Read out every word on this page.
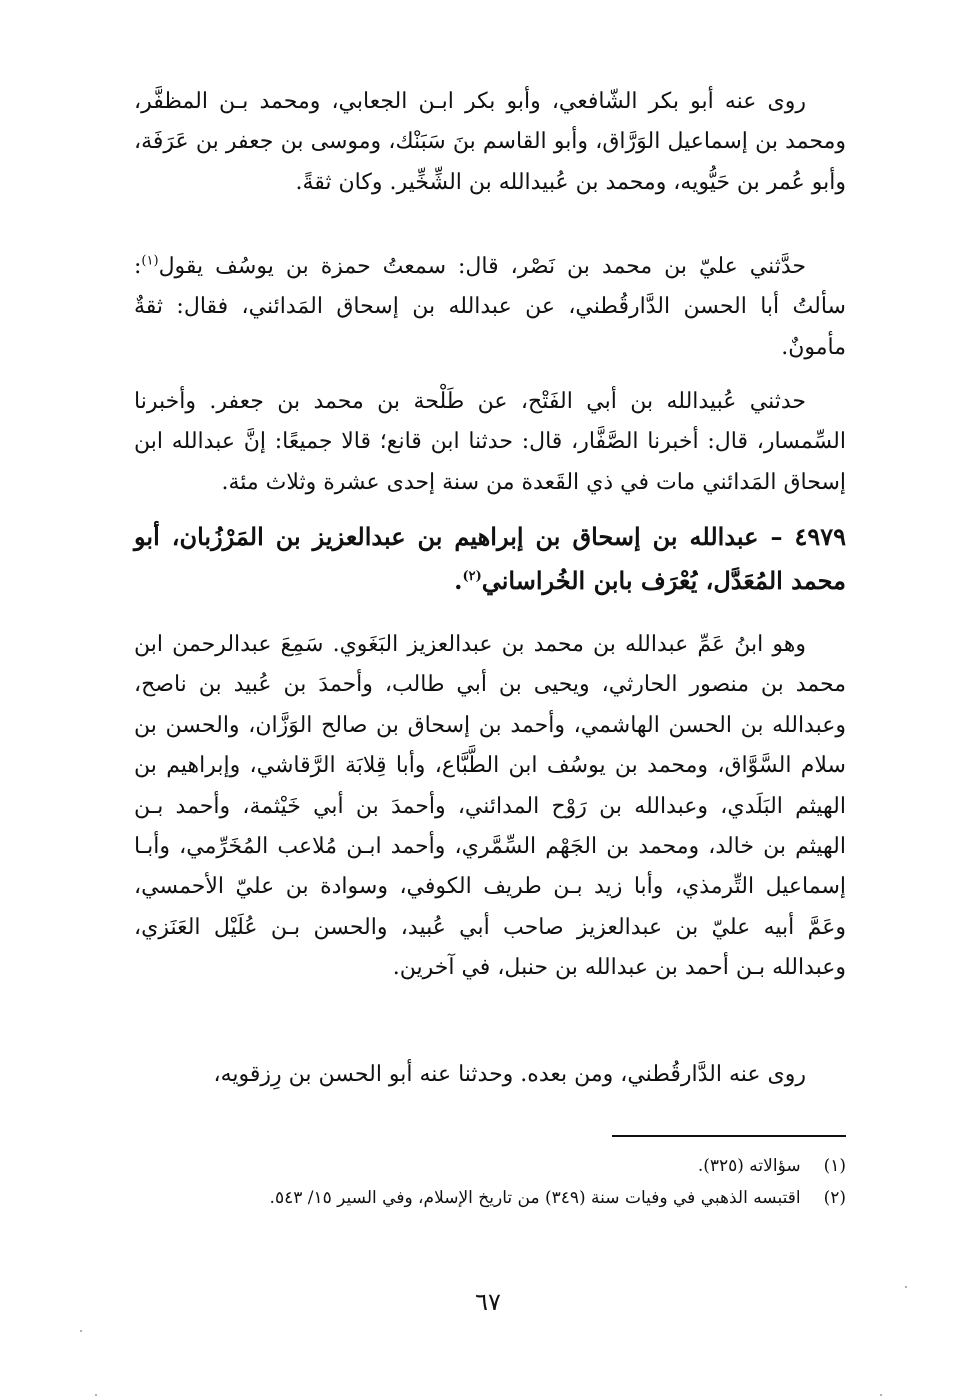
روى عنه أبو بكر الشّافعي، وأبو بكر ابـن الجعابي، ومحمد بـن المظفَّر، ومحمد بن إسماعيل الوَرَّاق، وأبو القاسم بنَ سَبَنْك، وموسى بن جعفر بن عَرَفَة، وأبو عُمر بن حَيُّويه، ومحمد بن عُبيدالله بن الشِّخِّير. وكان ثقةً.

حدَّثني عليّ بن محمد بن نَصْر، قال: سمعتُ حمزة بن يوسُف يقول$^{(١)}$: سألتُ أبا الحسن الدَّارقُطني، عن عبدالله بن إسحاق المَدائني، فقال: ثقةٌ مأمونٌ.

حدثني عُبيدالله بن أبي الفَتْح، عن طَلْحة بن محمد بن جعفر. وأخبرنا السِّمسار، قال: أخبرنا الصَّفَّار، قال: حدثنا ابن قانع؛ قالا جميعًا: إنَّ عبدالله ابن إسحاق المَدائني مات في ذي القَعدة من سنة إحدى عشرة وثلاث مئة.

٤٩٧٩ – عبدالله بن إسحاق بن إبراهيم بن عبدالعزيز بن المَرْزُبان، أبو محمد المُعَدَّل، يُعْرَف بابن الخُراساني$^{(٢)}$.

وهو ابنُ عَمِّ عبدالله بن محمد بن عبدالعزيز البَغَوي. سَمِعَ عبدالرحمن ابن محمد بن منصور الحارثي، ويحيى بن أبي طالب، وأحمدَ بن عُبيد بن ناصح، وعبدالله بن الحسن الهاشمي، وأحمد بن إسحاق بن صالح الوَزَّان، والحسن بن سلام السَّوَّاق، ومحمد بن يوسُف ابن الطَّبَّاع، وأبا قِلابَة الرَّقاشي، وإبراهيم بن الهيثم البَلَدي، وعبدالله بن رَوْح المدائني، وأحمدَ بن أبي خَيْثمة، وأحمد بـن الهيثم بن خالد، ومحمد بن الجَهْم السِّمَّري، وأحمد ابـن مُلاعب المُخَرِّمي، وأبـا إسماعيل التِّرمذي، وأبا زيد بـن طريف الكوفي، وسوادة بن عليّ الأحمسي، وعَمَّ أبيه عليّ بن عبدالعزيز صاحب أبي عُبيد، والحسن بـن عُلَيْل العَنَزي، وعبدالله بـن أحمد بن عبدالله بن حنبل، في آخرين.

روى عنه الدَّارقُطني، ومن بعده. وحدثنا عنه أبو الحسن بن رِزقويه،

(١) سؤالاته (٣٢٥).

(٢) اقتبسه الذهبي في وفيات سنة (٣٤٩) من تاريخ الإسلام، وفي السير ١٥/ ٥٤٣.

٦٧
